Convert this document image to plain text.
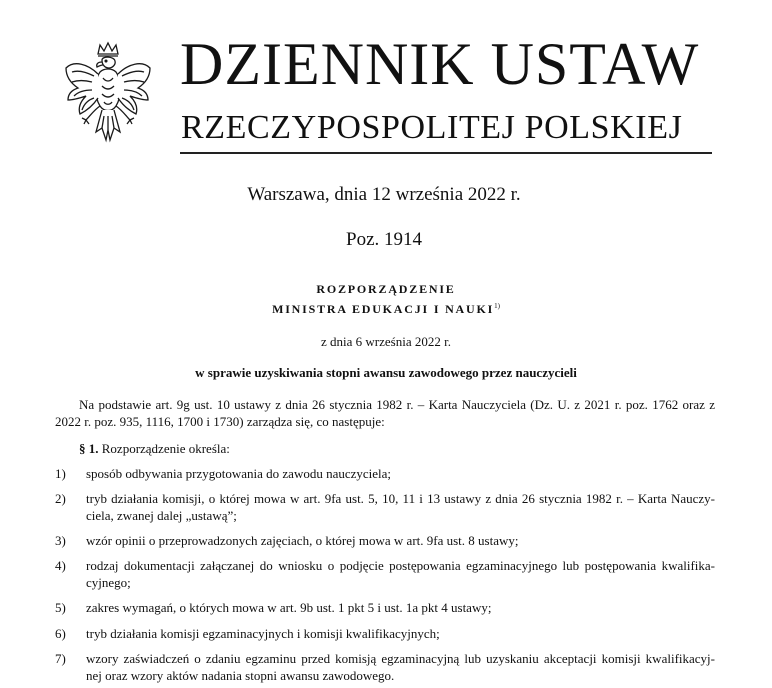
DZIENNIK USTAW
RZECZYPOSPOLITEJ POLSKIEJ
Warszawa, dnia 12 września 2022 r.
Poz. 1914
ROZPORZĄDZENIE
MINISTRA EDUKACJI I NAUKI$^{1)}$
z dnia 6 września 2022 r.
w sprawie uzyskiwania stopni awansu zawodowego przez nauczycieli
Na podstawie art. 9g ust. 10 ustawy z dnia 26 stycznia 1982 r. – Karta Nauczyciela (Dz. U. z 2021 r. poz. 1762 oraz z 2022 r. poz. 935, 1116, 1700 i 1730) zarządza się, co następuje:
§ 1. Rozporządzenie określa:
1) sposób odbywania przygotowania do zawodu nauczyciela;
2) tryb działania komisji, o której mowa w art. 9fa ust. 5, 10, 11 i 13 ustawy z dnia 26 stycznia 1982 r. – Karta Nauczy-
ciela, zwanej dalej „ustawą”;
3) wzór opinii o przeprowadzonych zajęciach, o której mowa w art. 9fa ust. 8 ustawy;
4) rodzaj dokumentacji załączanej do wniosku o podjęcie postępowania egzaminacyjnego lub postępowania kwalifika-
cyjnego;
5) zakres wymagań, o których mowa w art. 9b ust. 1 pkt 5 i ust. 1a pkt 4 ustawy;
6) tryb działania komisji egzaminacyjnych i komisji kwalifikacyjnych;
7) wzory zaświadczeń o zdaniu egzaminu przed komisją egzaminacyjną lub uzyskaniu akceptacji komisji kwalifikacyj-
nej oraz wzory aktów nadania stopni awansu zawodowego.
